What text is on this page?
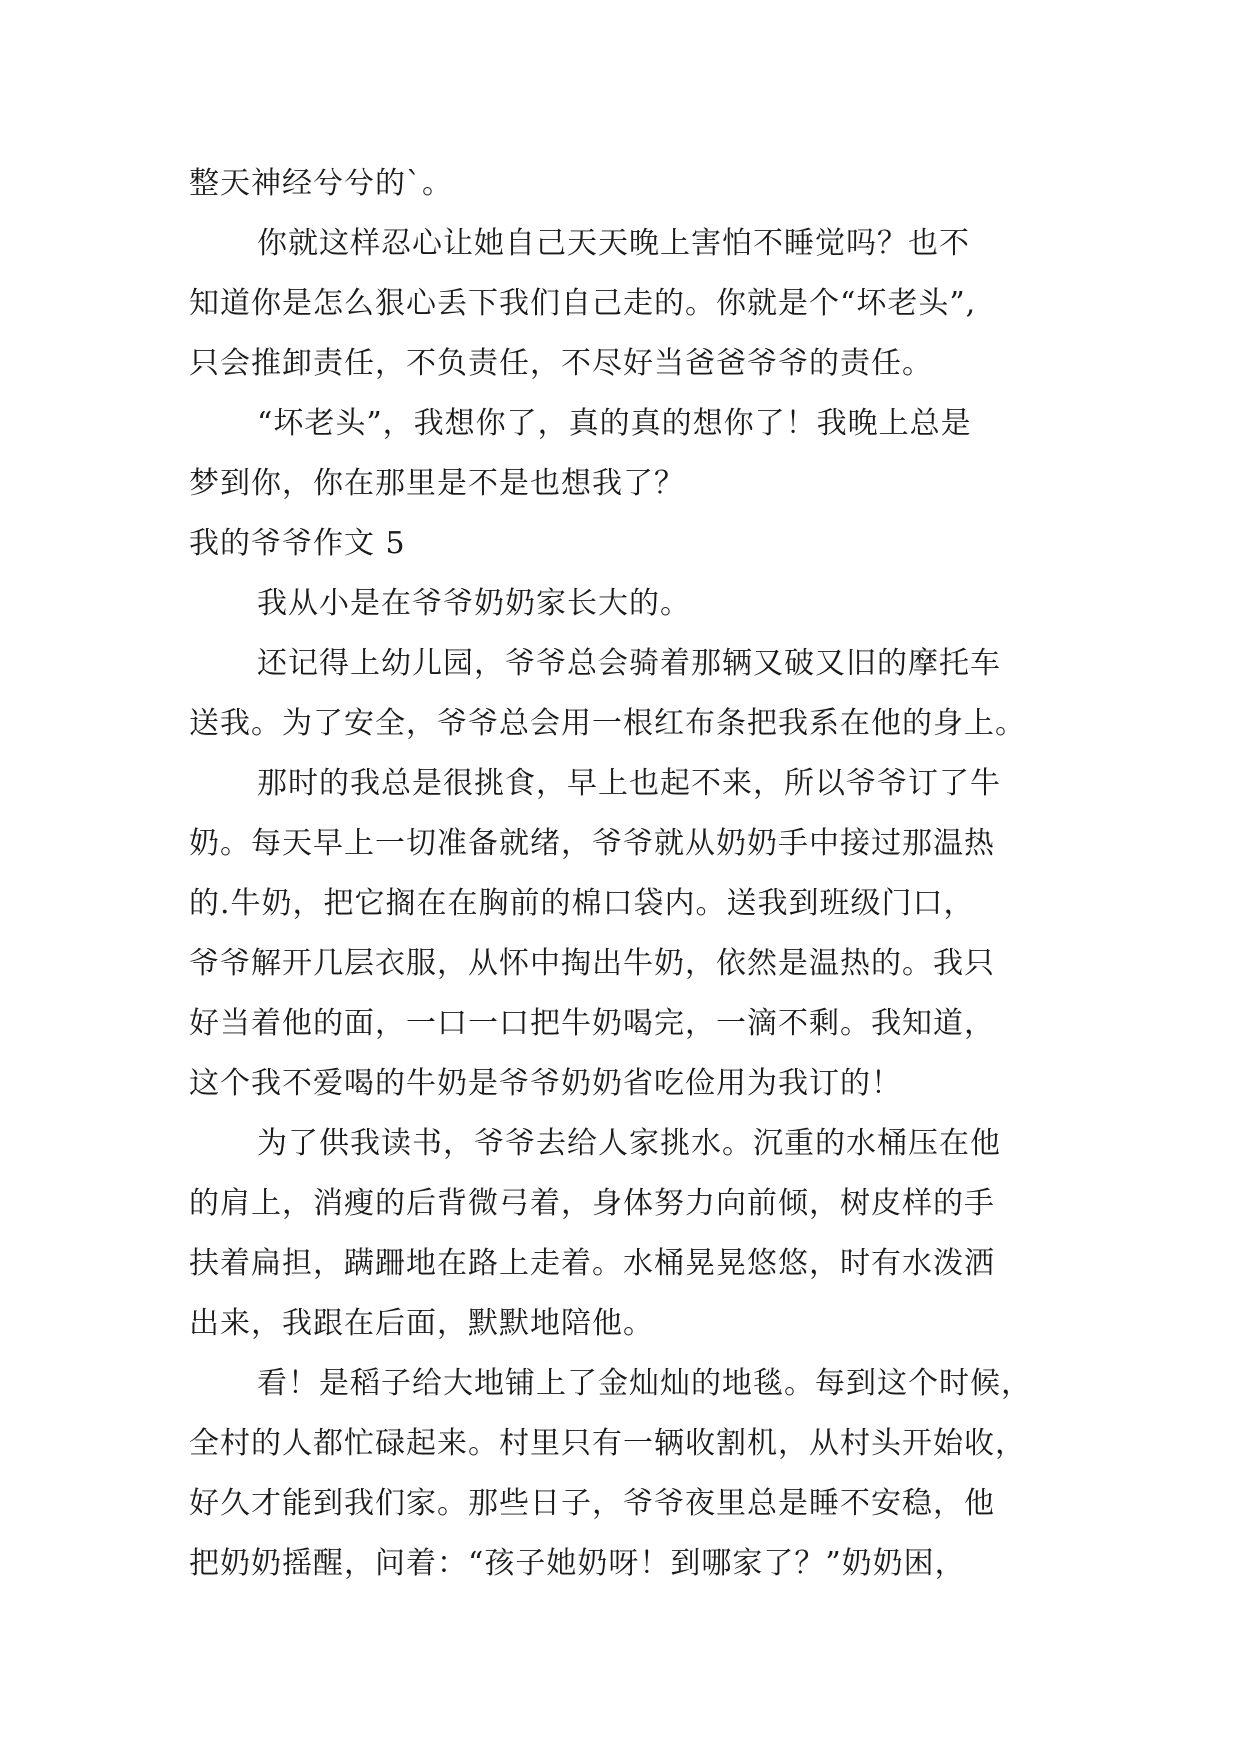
整天神经兮兮的`。
你就这样忍心让她自己天天晚上害怕不睡觉吗？也不
知道你是怎么狠心丢下我们自己走的。你就是个“坏老头”,
只会推卸责任，不负责任，不尽好当爸爸爷爷的责任。
“坏老头”，我想你了，真的真的想你了！我晚上总是
梦到你，你在那里是不是也想我了？
我的爷爷作文 5
我从小是在爷爷奶奶家长大的。
还记得上幼儿园，爷爷总会骑着那辆又破又旧的摩托车
送我。为了安全，爷爷总会用一根红布条把我系在他的身上。
那时的我总是很挑食，早上也起不来，所以爷爷订了牛
奶。每天早上一切准备就绪，爷爷就从奶奶手中接过那温热
的.牛奶，把它搁在在胸前的棉口袋内。送我到班级门口，
爷爷解开几层衣服，从怀中掏出牛奶，依然是温热的。我只
好当着他的面，一口一口把牛奶喝完，一滴不剩。我知道，
这个我不爱喝的牛奶是爷爷奶奶省吃俭用为我订的！
为了供我读书，爷爷去给人家挑水。沉重的水桶压在他
的肩上，消瘦的后背微弓着，身体努力向前倾，树皮样的手
扶着扁担，蹒跚地在路上走着。水桶晃晃悠悠，时有水泼洒
出来，我跟在后面，默默地陪他。
看！是稻子给大地铺上了金灿灿的地毯。每到这个时候，
全村的人都忙碌起来。村里只有一辆收割机，从村头开始收，
好久才能到我们家。那些日子，爷爷夜里总是睡不安稳，他
把奶奶摇醒，问着：“孩子她奶呀！到哪家了？”奶奶困，
